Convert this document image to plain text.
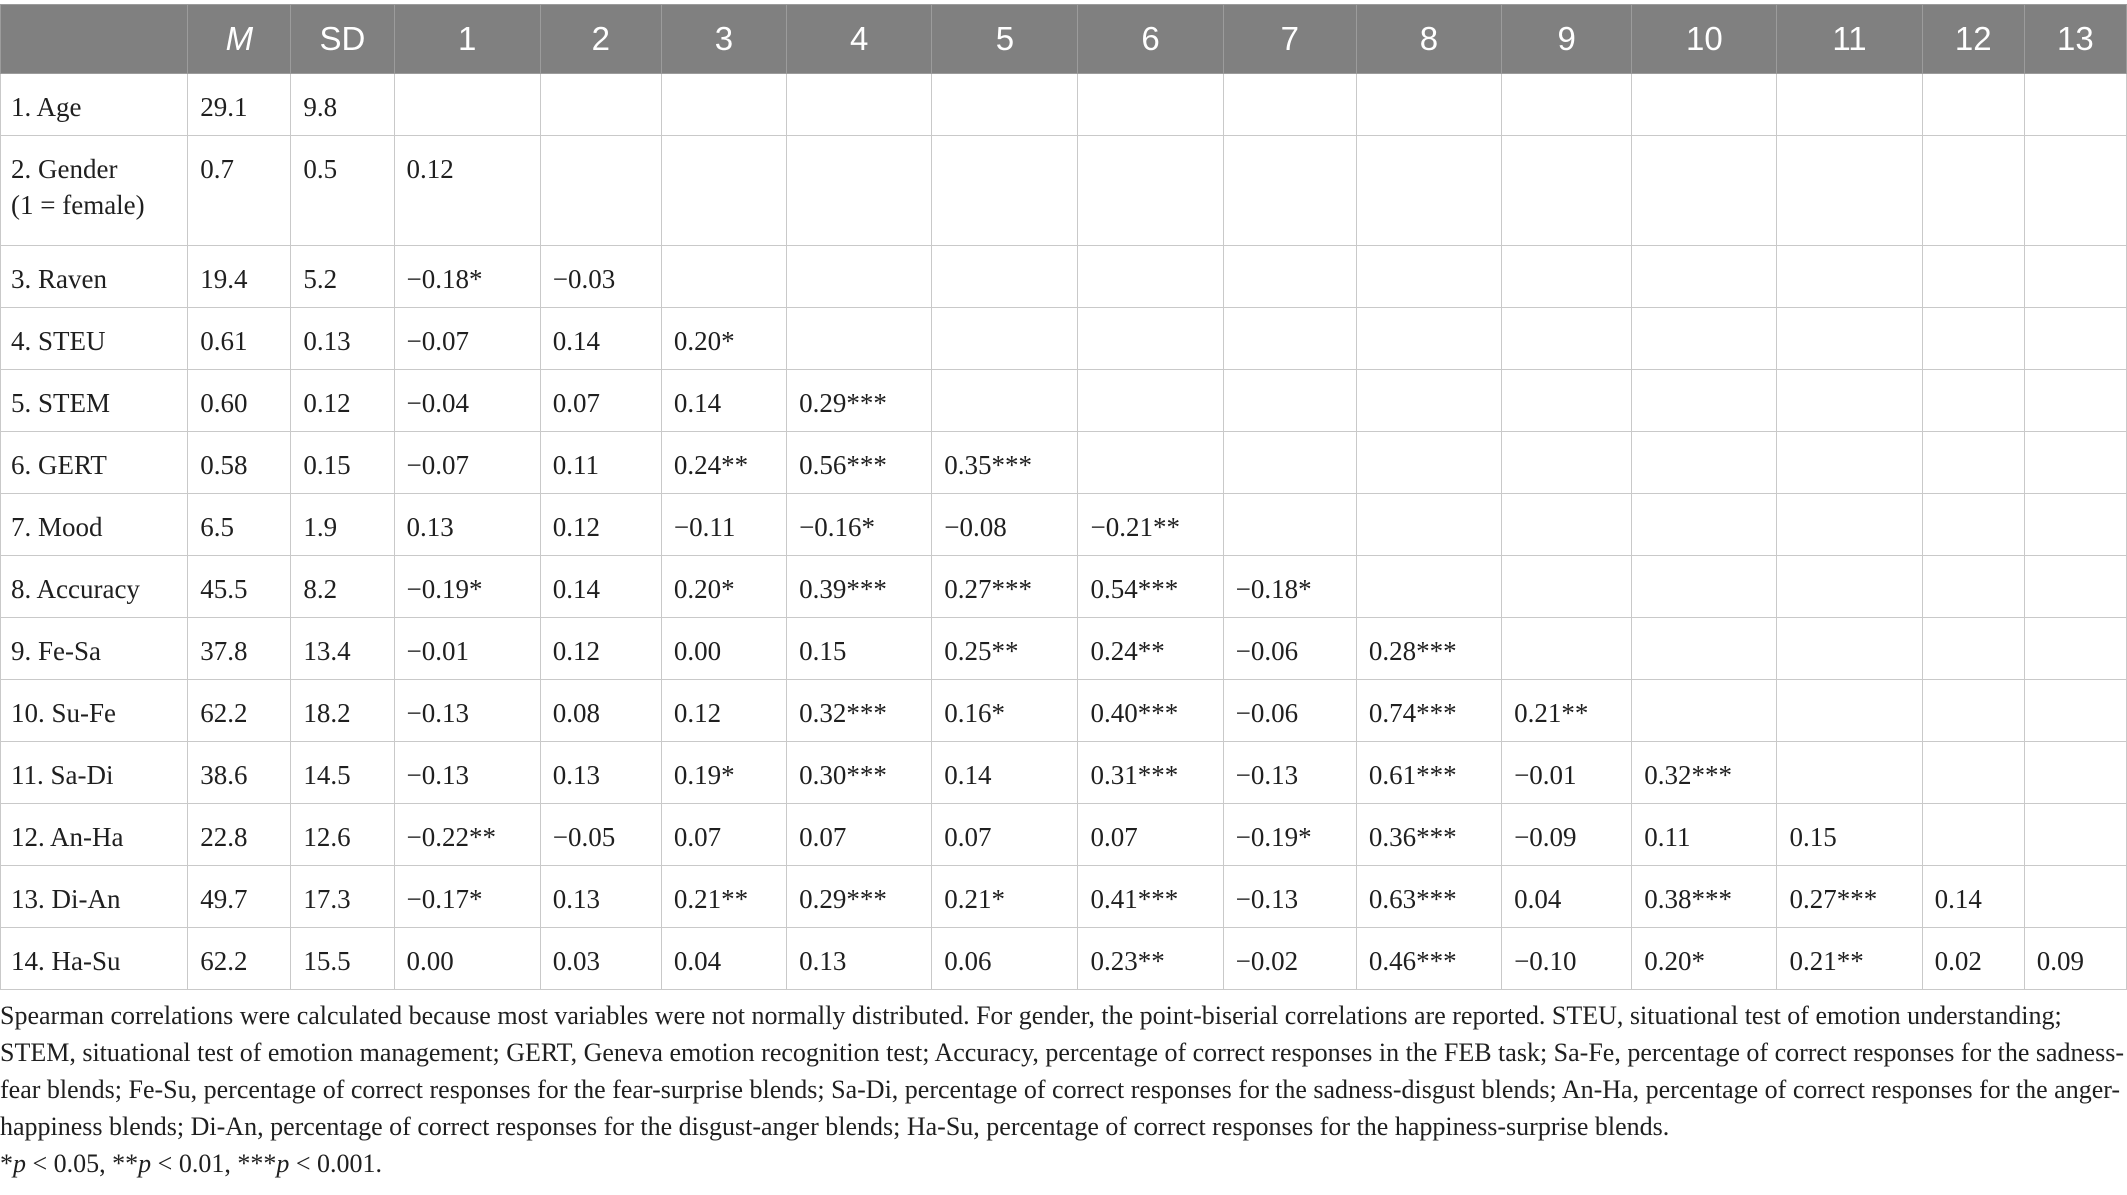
	M	SD	1	2	3	4	5	6	7	8	9	10	11	12	13
1. Age	29.1	9.8													

2. Gender
(1 = female)	0.7	0.5	0.12												
3. Raven	19.4	5.2	−0.18*	−0.03											
4. STEU	0.61	0.13	−0.07	0.14	0.20*										
5. STEM	0.60	0.12	−0.04	0.07	0.14	0.29***									
6. GERT	0.58	0.15	−0.07	0.11	0.24**	0.56***	0.35***								
7. Mood	6.5	1.9	0.13	0.12	−0.11	−0.16*	−0.08	−0.21**							
8. Accuracy	45.5	8.2	−0.19*	0.14	0.20*	0.39***	0.27***	0.54***	−0.18*						
9. Fe-Sa	37.8	13.4	−0.01	0.12	0.00	0.15	0.25**	0.24**	−0.06	0.28***					
10. Su-Fe	62.2	18.2	−0.13	0.08	0.12	0.32***	0.16*	0.40***	−0.06	0.74***	0.21**				
11. Sa-Di	38.6	14.5	−0.13	0.13	0.19*	0.30***	0.14	0.31***	−0.13	0.61***	−0.01	0.32***			
12. An-Ha	22.8	12.6	−0.22**	−0.05	0.07	0.07	0.07	0.07	−0.19*	0.36***	−0.09	0.11	0.15		
13. Di-An	49.7	17.3	−0.17*	0.13	0.21**	0.29***	0.21*	0.41***	−0.13	0.63***	0.04	0.38***	0.27***	0.14	
14. Ha-Su	62.2	15.5	0.00	0.03	0.04	0.13	0.06	0.23**	−0.02	0.46***	−0.10	0.20*	0.21**	0.02	0.09

Spearman correlations were calculated because most variables were not normally distributed. For gender, the point-biserial correlations are reported. STEU, situational test of emotion understanding; STEM, situational test of emotion management; GERT, Geneva emotion recognition test; Accuracy, percentage of correct responses in the FEB task; Sa-Fe, percentage of correct responses for the sadness-fear blends; Fe-Su, percentage of correct responses for the fear-surprise blends; Sa-Di, percentage of correct responses for the sadness-disgust blends; An-Ha, percentage of correct responses for the anger-happiness blends; Di-An, percentage of correct responses for the disgust-anger blends; Ha-Su, percentage of correct responses for the happiness-surprise blends.

*p < 0.05, **p < 0.01, ***p < 0.001.
